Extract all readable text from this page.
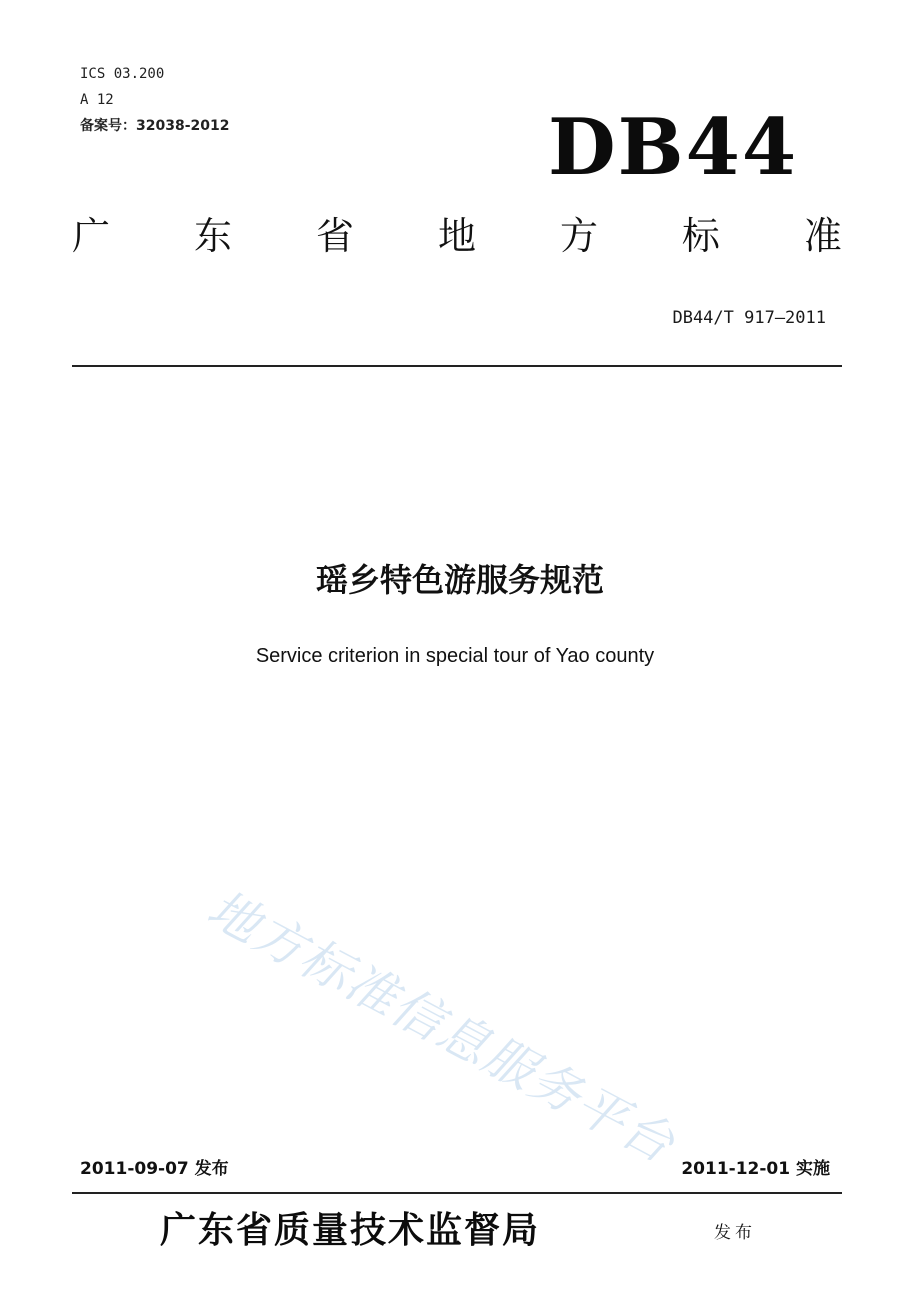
ICS 03.200
A 12
备案号：32038-2012	DB44
广 东 省 地 方 标 准
DB44/T 917—2011
瑶乡特色游服务规范
Service criterion in special tour of Yao county
地方标准信息服务平台
2011-09-07 发布	2011-12-01 实施
广东省质量技术监督局	发布
